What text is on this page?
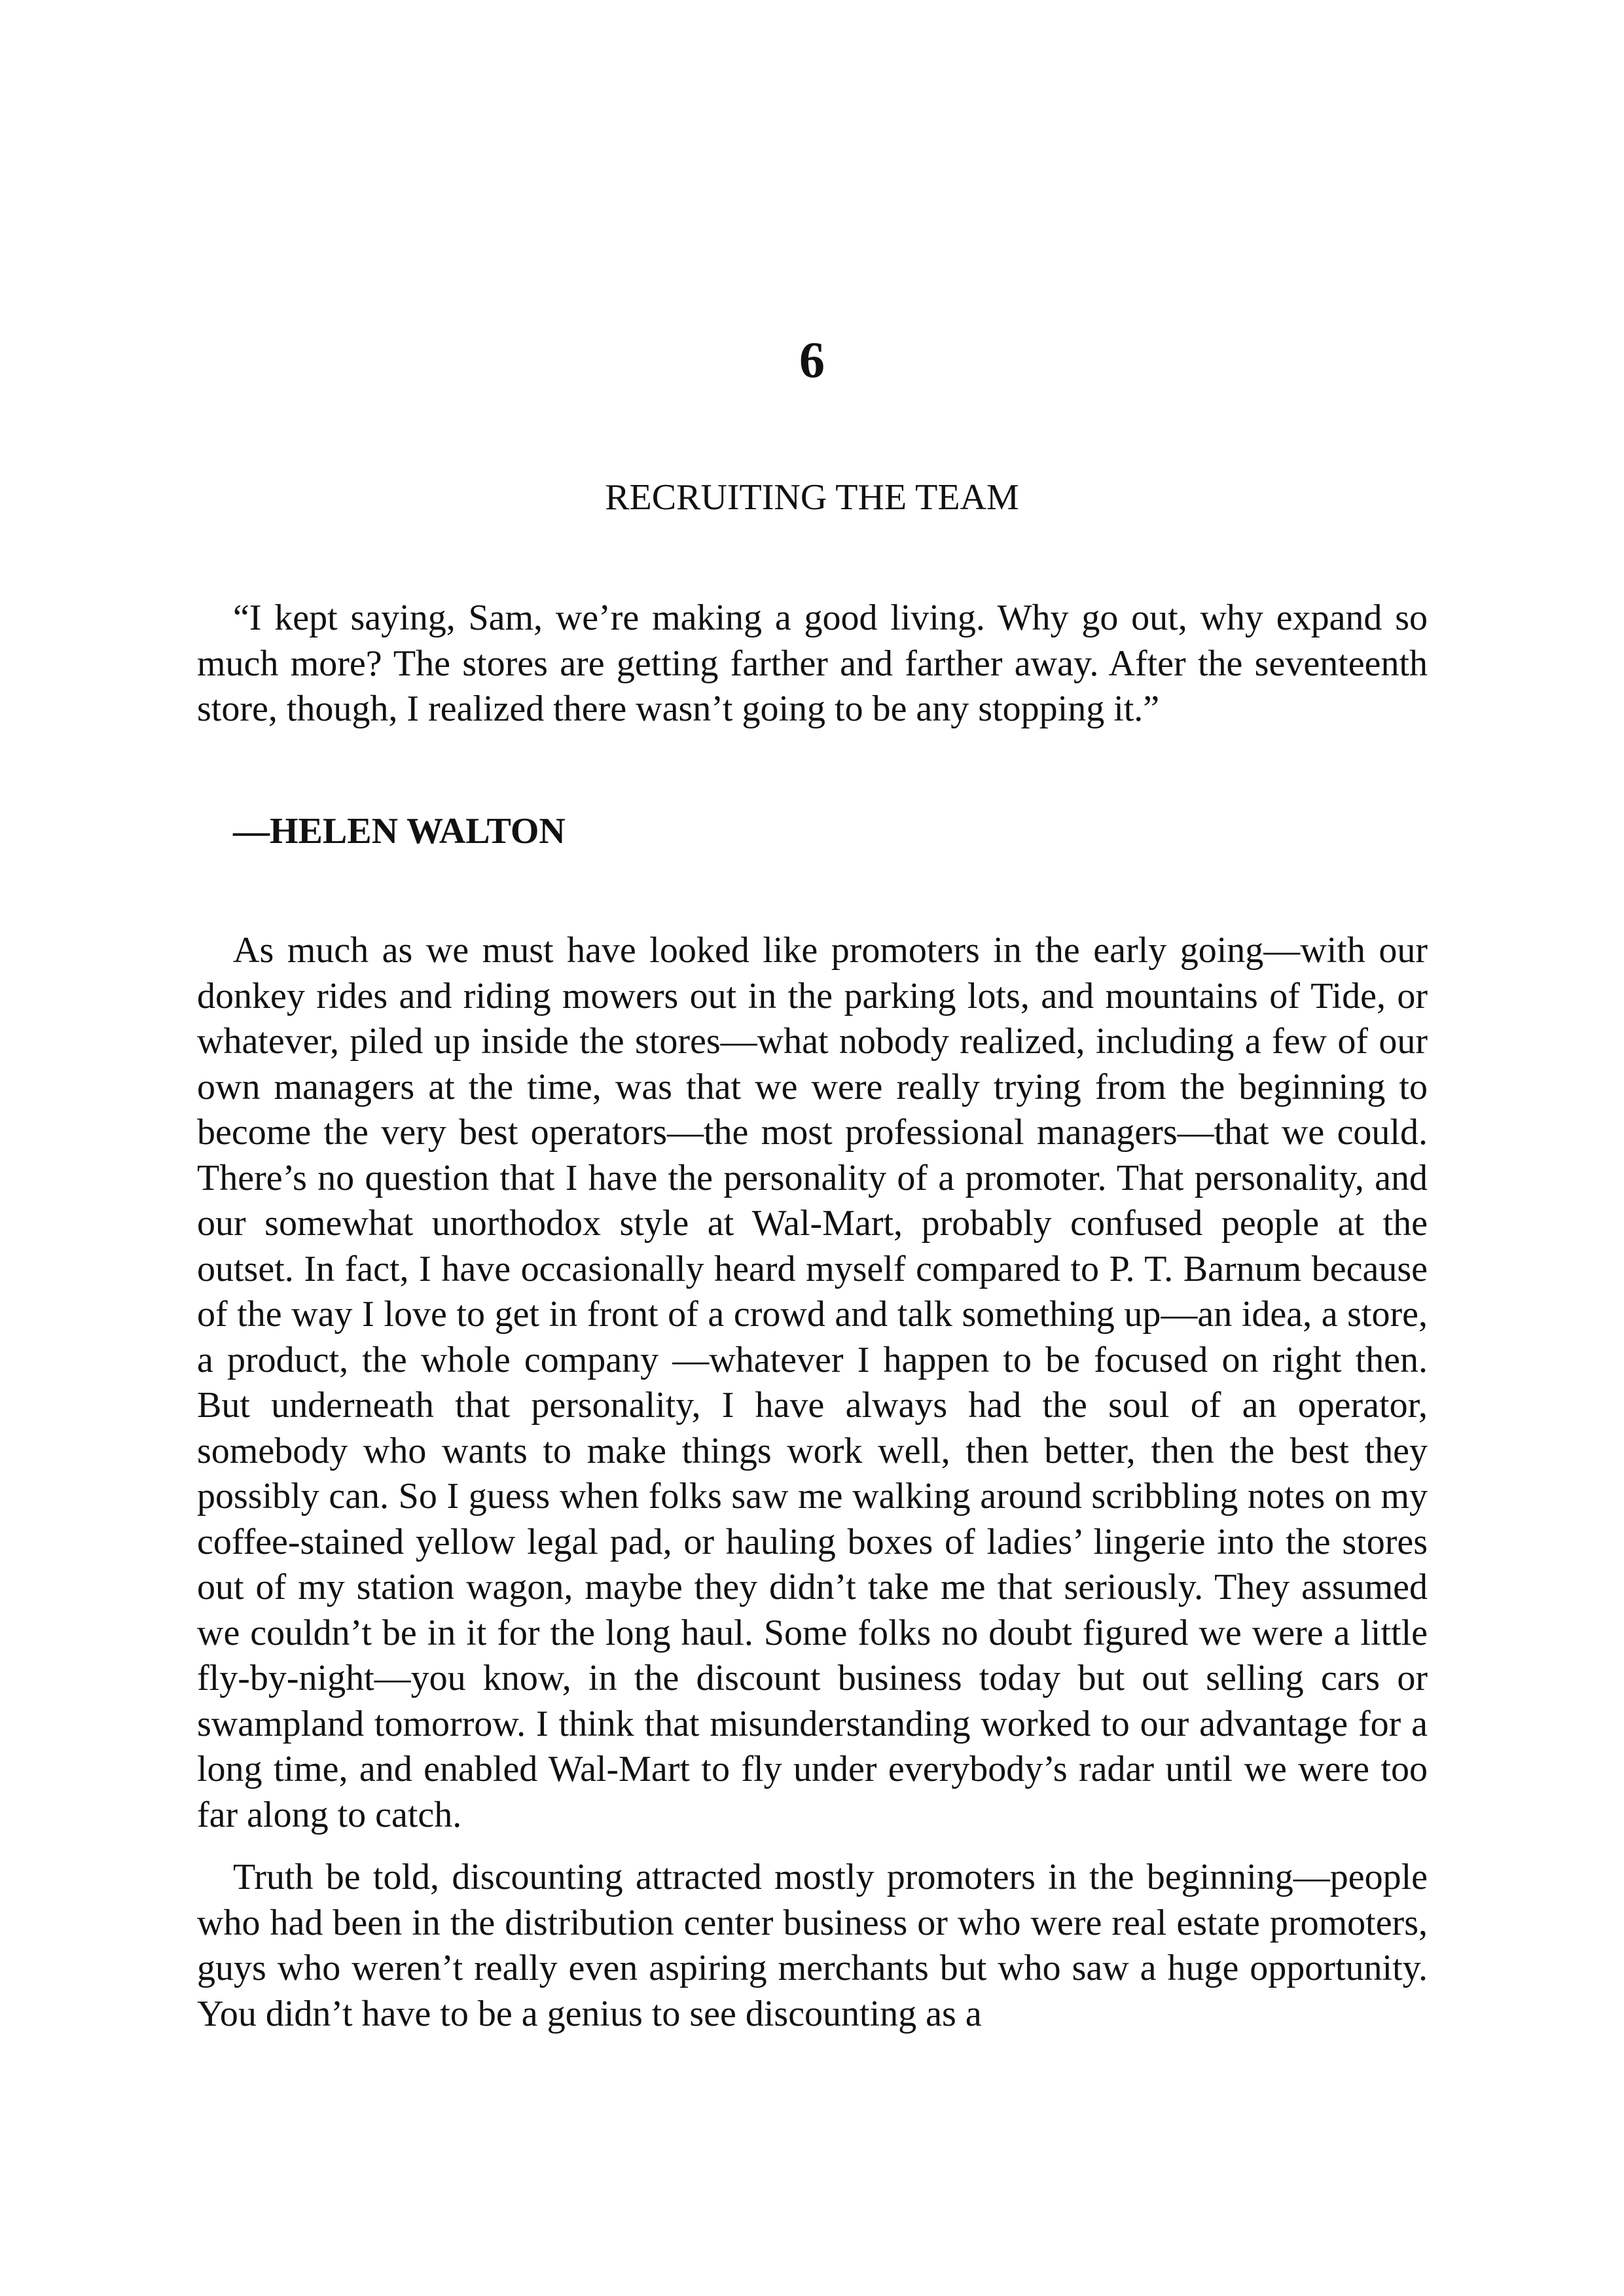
6
RECRUITING THE TEAM

“I kept saying, Sam, we’re making a good living. Why go out, why expand so much more? The stores are getting farther and farther away. After the seventeenth store, though, I realized there wasn’t going to be any stopping it.”

—HELEN WALTON

As much as we must have looked like promoters in the early going—with our donkey rides and riding mowers out in the parking lots, and mountains of Tide, or whatever, piled up inside the stores—what nobody realized, including a few of our own managers at the time, was that we were really trying from the beginning to become the very best operators—the most professional managers—that we could. There’s no question that I have the personality of a promoter. That personality, and our somewhat unorthodox style at Wal-Mart, probably confused people at the outset. In fact, I have occasionally heard myself compared to P. T. Barnum because of the way I love to get in front of a crowd and talk something up—an idea, a store, a product, the whole company —whatever I happen to be focused on right then. But underneath that personality, I have always had the soul of an operator, somebody who wants to make things work well, then better, then the best they possibly can. So I guess when folks saw me walking around scribbling notes on my coffee-stained yellow legal pad, or hauling boxes of ladies’ lingerie into the stores out of my station wagon, maybe they didn’t take me that seriously. They assumed we couldn’t be in it for the long haul. Some folks no doubt figured we were a little fly-by-night—you know, in the discount business today but out selling cars or swampland tomorrow. I think that misunderstanding worked to our advantage for a long time, and enabled Wal-Mart to fly under everybody’s radar until we were too far along to catch.

Truth be told, discounting attracted mostly promoters in the beginning—people who had been in the distribution center business or who were real estate promoters, guys who weren’t really even aspiring merchants but who saw a huge opportunity. You didn’t have to be a genius to see discounting as a
